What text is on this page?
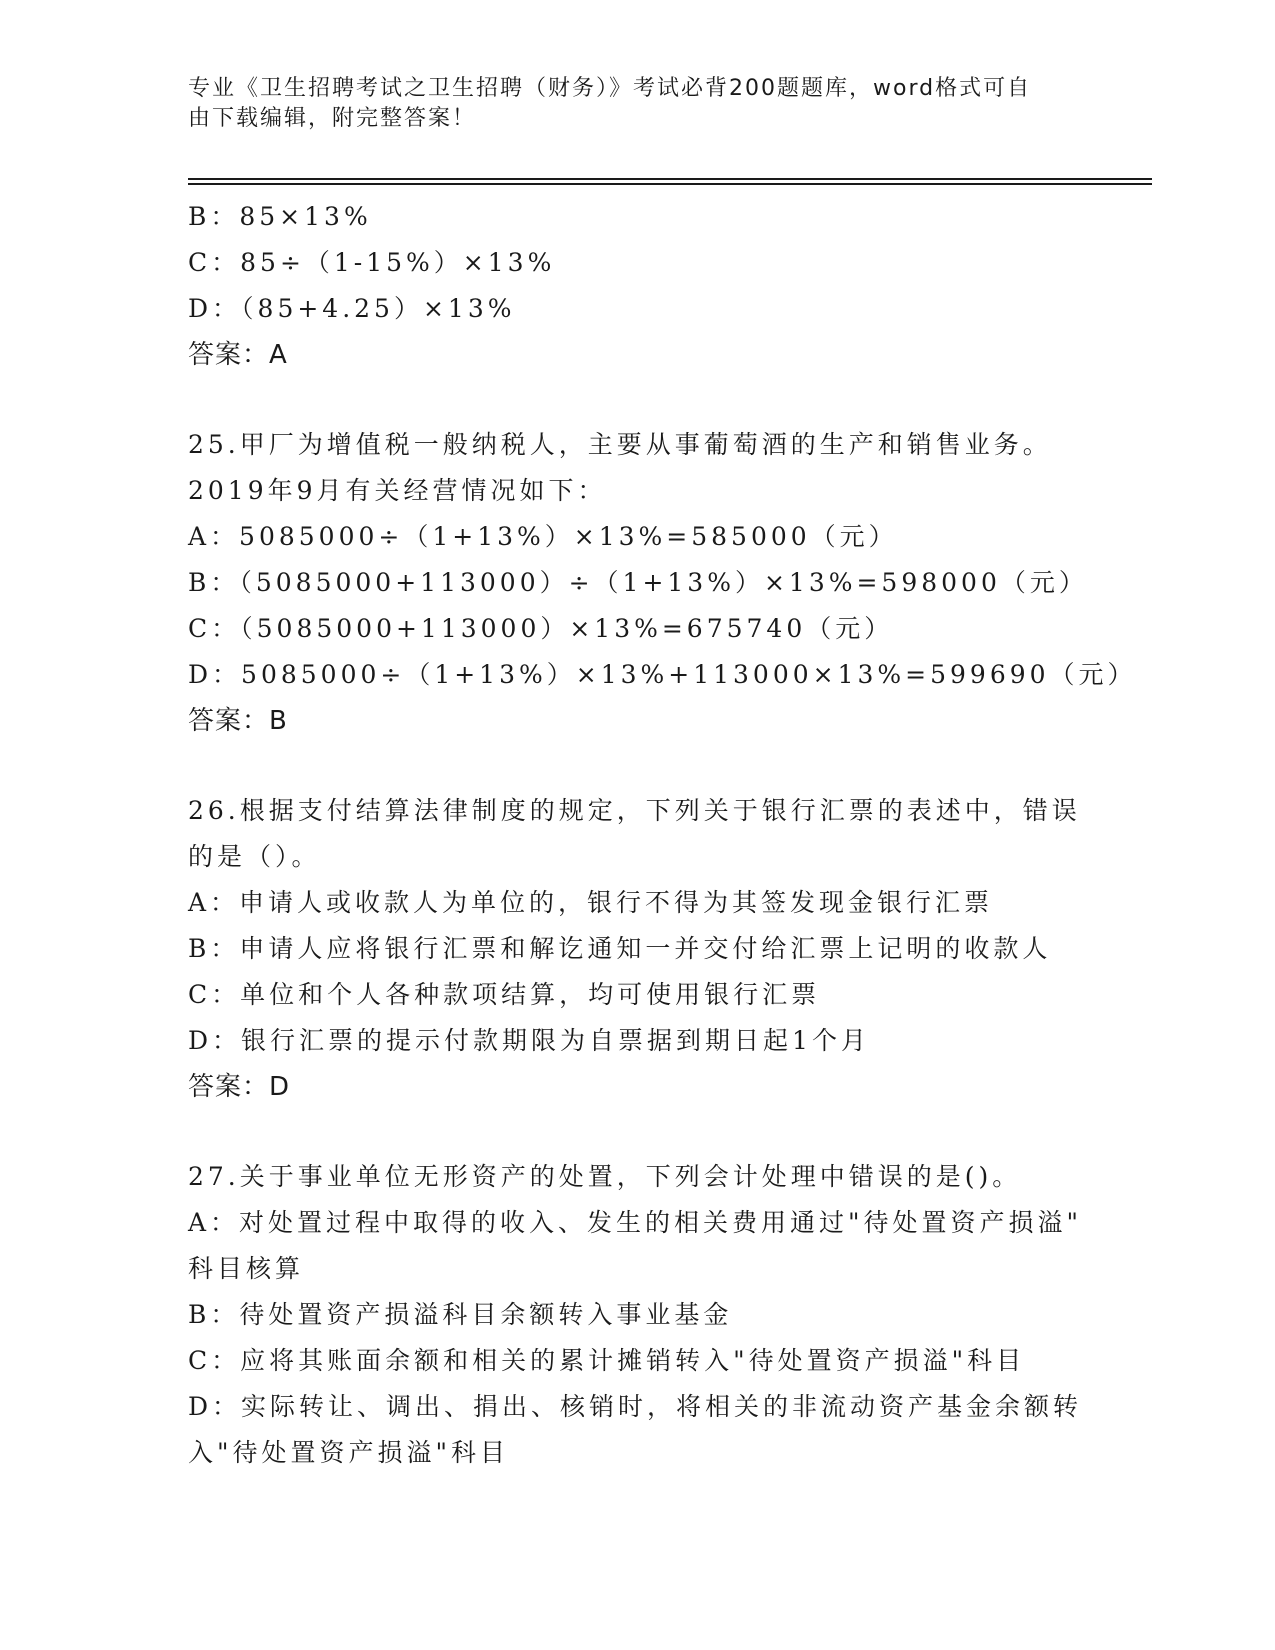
专业《卫生招聘考试之卫生招聘（财务）》考试必背200题题库，word格式可自
由下载编辑，附完整答案！
B：85×13%
C：85÷（1-15%）×13%
D：（85+4.25）×13%
答案：A
25.甲厂为增值税一般纳税人，主要从事葡萄酒的生产和销售业务。
2019年9月有关经营情况如下：
A：5085000÷（1+13%）×13%=585000（元）
B：（5085000+113000）÷（1+13%）×13%=598000（元）
C：（5085000+113000）×13%=675740（元）
D：5085000÷（1+13%）×13%+113000×13%=599690（元）
答案：B
26.根据支付结算法律制度的规定，下列关于银行汇票的表述中，错误
的是（）。
A：申请人或收款人为单位的，银行不得为其签发现金银行汇票
B：申请人应将银行汇票和解讫通知一并交付给汇票上记明的收款人
C：单位和个人各种款项结算，均可使用银行汇票
D：银行汇票的提示付款期限为自票据到期日起1个月
答案：D
27.关于事业单位无形资产的处置，下列会计处理中错误的是()。
A：对处置过程中取得的收入、发生的相关费用通过"待处置资产损溢"
科目核算
B：待处置资产损溢科目余额转入事业基金
C：应将其账面余额和相关的累计摊销转入"待处置资产损溢"科目
D：实际转让、调出、捐出、核销时，将相关的非流动资产基金余额转
入"待处置资产损溢"科目
